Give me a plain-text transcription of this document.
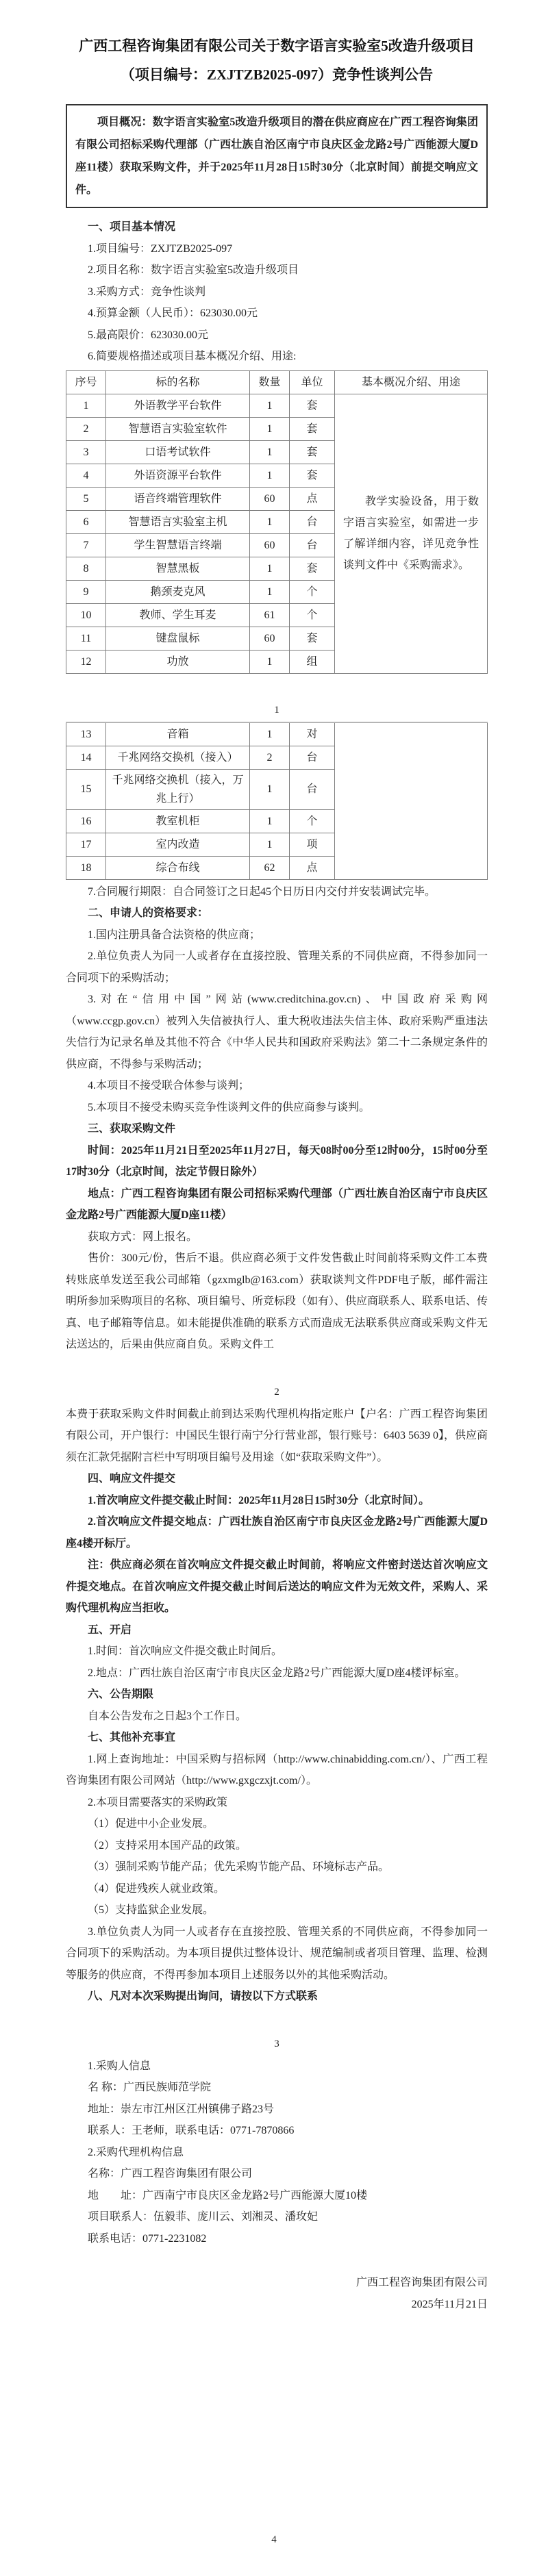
广西工程咨询集团有限公司关于数字语言实验室5改造升级项目
（项目编号：ZXJTZB2025-097）竞争性谈判公告

项目概况：数字语言实验室5改造升级项目的潜在供应商应在广西工程咨询集团有限公司招标采购代理部（广西壮族自治区南宁市良庆区金龙路2号广西能源大厦D座11楼）获取采购文件，并于2025年11月28日15时30分（北京时间）前提交响应文件。

一、项目基本情况

1.项目编号：ZXJTZB2025-097

2.项目名称：数字语言实验室5改造升级项目

3.采购方式：竞争性谈判

4.预算金额（人民币）：623030.00元

5.最高限价：623030.00元

6.简要规格描述或项目基本概况介绍、用途:

序号	标的名称	数量	单位	基本概况介绍、用途
1	外语教学平台软件	1	套	教学实验设备，用于数字语言实验室，如需进一步了解详细内容，详见竞争性谈判文件中《采购需求》。
2	智慧语言实验室软件	1	套	
3	口语考试软件	1	套	
4	外语资源平台软件	1	套	
5	语音终端管理软件	60	点	
6	智慧语言实验室主机	1	台	
7	学生智慧语言终端	60	台	
8	智慧黑板	1	套	
9	鹅颈麦克风	1	个	
10	教师、学生耳麦	61	个	
11	键盘鼠标	60	套	
12	功放	1	组	

1

13	音箱	1	对	
14	千兆网络交换机（接入）	2	台	
15	千兆网络交换机（接入，万兆上行）	1	台	
16	教室机柜	1	个	
17	室内改造	1	项	
18	综合布线	62	点	

7.合同履行期限：自合同签订之日起45个日历日内交付并安装调试完毕。

二、申请人的资格要求：

1.国内注册具备合法资格的供应商；

2.单位负责人为同一人或者存在直接控股、管理关系的不同供应商，不得参加同一合同项下的采购活动；

3.对在“信用中国”网站(www.creditchina.gov.cn)、中国政府采购网（www.ccgp.gov.cn）被列入失信被执行人、重大税收违法失信主体、政府采购严重违法失信行为记录名单及其他不符合《中华人民共和国政府采购法》第二十二条规定条件的供应商，不得参与采购活动；

4.本项目不接受联合体参与谈判；

5.本项目不接受未购买竞争性谈判文件的供应商参与谈判。

三、获取采购文件

时间：2025年11月21日至2025年11月27日，每天08时00分至12时00分，15时00分至17时30分（北京时间，法定节假日除外）

地点：广西工程咨询集团有限公司招标采购代理部（广西壮族自治区南宁市良庆区金龙路2号广西能源大厦D座11楼）

获取方式：网上报名。

售价：300元/份，售后不退。供应商必须于文件发售截止时间前将采购文件工本费转账底单发送至我公司邮箱（gzxmglb@163.com）获取谈判文件PDF电子版，邮件需注明所参加采购项目的名称、项目编号、所竞标段（如有）、供应商联系人、联系电话、传真、电子邮箱等信息。如未能提供准确的联系方式而造成无法联系供应商或采购文件无法送达的，后果由供应商自负。采购文件工

2

本费于获取采购文件时间截止前到达采购代理机构指定账户【户名：广西工程咨询集团有限公司，开户银行：中国民生银行南宁分行营业部，银行账号：6403 5639 0】，供应商须在汇款凭据附言栏中写明项目编号及用途（如“获取采购文件”）。

四、响应文件提交

1.首次响应文件提交截止时间：2025年11月28日15时30分（北京时间）。

2.首次响应文件提交地点：广西壮族自治区南宁市良庆区金龙路2号广西能源大厦D座4楼开标厅。

注：供应商必须在首次响应文件提交截止时间前，将响应文件密封送达首次响应文件提交地点。在首次响应文件提交截止时间后送达的响应文件为无效文件，采购人、采购代理机构应当拒收。

五、开启

1.时间：首次响应文件提交截止时间后。

2.地点：广西壮族自治区南宁市良庆区金龙路2号广西能源大厦D座4楼评标室。

六、公告期限

自本公告发布之日起3个工作日。

七、其他补充事宜

1.网上查询地址：中国采购与招标网（http://www.chinabidding.com.cn/）、广西工程咨询集团有限公司网站（http://www.gxgczxjt.com/）。

2.本项目需要落实的采购政策

（1）促进中小企业发展。

（2）支持采用本国产品的政策。

（3）强制采购节能产品；优先采购节能产品、环境标志产品。

（4）促进残疾人就业政策。

（5）支持监狱企业发展。

3.单位负责人为同一人或者存在直接控股、管理关系的不同供应商，不得参加同一合同项下的采购活动。为本项目提供过整体设计、规范编制或者项目管理、监理、检测等服务的供应商，不得再参加本项目上述服务以外的其他采购活动。

八、凡对本次采购提出询问，请按以下方式联系

3

1.采购人信息

名 称：广西民族师范学院

地址：崇左市江州区江州镇佛子路23号

联系人：王老师，联系电话：0771-7870866

2.采购代理机构信息

名称：广西工程咨询集团有限公司

地　　址：广西南宁市良庆区金龙路2号广西能源大厦10楼

项目联系人：伍毅菲、庞川云、刘湘灵、潘玫妃

联系电话：0771-2231082

广西工程咨询集团有限公司

2025年11月21日

4
